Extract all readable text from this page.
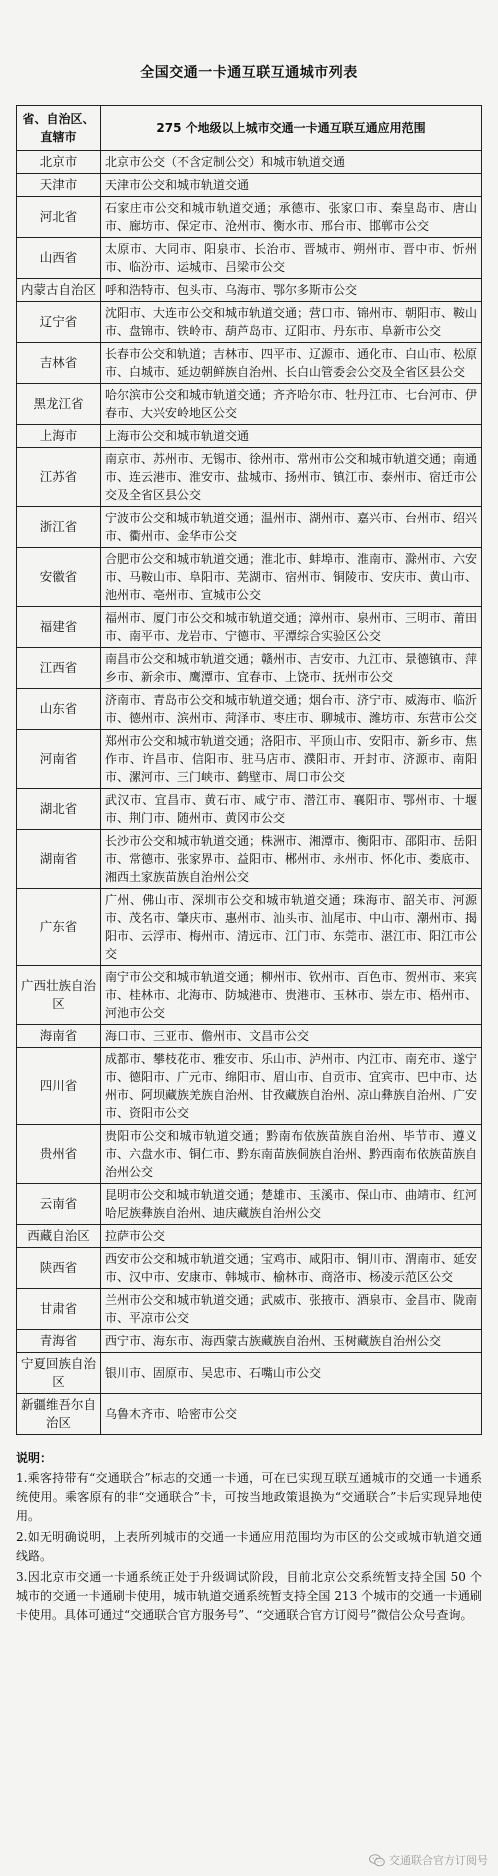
全国交通一卡通互联互通城市列表
省、自治区、直辖市	275 个地级以上城市交通一卡通互联互通应用范围
北京市	北京市公交（不含定制公交）和城市轨道交通
天津市	天津市公交和城市轨道交通
河北省	石家庄市公交和城市轨道交通；承德市、张家口市、秦皇岛市、唐山市、廊坊市、保定市、沧州市、衡水市、邢台市、邯郸市公交
山西省	太原市、大同市、阳泉市、长治市、晋城市、朔州市、晋中市、忻州市、临汾市、运城市、吕梁市公交
内蒙古自治区	呼和浩特市、包头市、乌海市、鄂尔多斯市公交
辽宁省	沈阳市、大连市公交和城市轨道交通；营口市、锦州市、朝阳市、鞍山市、盘锦市、铁岭市、葫芦岛市、辽阳市、丹东市、阜新市公交
吉林省	长春市公交和轨道；吉林市、四平市、辽源市、通化市、白山市、松原市、白城市、延边朝鲜族自治州、长白山管委会公交及全省区县公交
黑龙江省	哈尔滨市公交和城市轨道交通；齐齐哈尔市、牡丹江市、七台河市、伊春市、大兴安岭地区公交
上海市	上海市公交和城市轨道交通
江苏省	南京市、苏州市、无锡市、徐州市、常州市公交和城市轨道交通；南通市、连云港市、淮安市、盐城市、扬州市、镇江市、泰州市、宿迁市公交及全省区县公交
浙江省	宁波市公交和城市轨道交通；温州市、湖州市、嘉兴市、台州市、绍兴市、衢州市、金华市公交
安徽省	合肥市公交和城市轨道交通；淮北市、蚌埠市、淮南市、滁州市、六安市、马鞍山市、阜阳市、芜湖市、宿州市、铜陵市、安庆市、黄山市、池州市、亳州市、宣城市公交
福建省	福州市、厦门市公交和城市轨道交通；漳州市、泉州市、三明市、莆田市、南平市、龙岩市、宁德市、平潭综合实验区公交
江西省	南昌市公交和城市轨道交通；赣州市、吉安市、九江市、景德镇市、萍乡市、新余市、鹰潭市、宜春市、上饶市、抚州市公交
山东省	济南市、青岛市公交和城市轨道交通；烟台市、济宁市、威海市、临沂市、德州市、滨州市、菏泽市、枣庄市、聊城市、潍坊市、东营市公交
河南省	郑州市公交和城市轨道交通；洛阳市、平顶山市、安阳市、新乡市、焦作市、许昌市、信阳市、驻马店市、濮阳市、开封市、济源市、南阳市、漯河市、三门峡市、鹤壁市、周口市公交
湖北省	武汉市、宜昌市、黄石市、咸宁市、潜江市、襄阳市、鄂州市、十堰市、荆门市、随州市、黄冈市公交
湖南省	长沙市公交和城市轨道交通；株洲市、湘潭市、衡阳市、邵阳市、岳阳市、常德市、张家界市、益阳市、郴州市、永州市、怀化市、娄底市、湘西土家族苗族自治州公交
广东省	广州、佛山市、深圳市公交和城市轨道交通；珠海市、韶关市、河源市、茂名市、肇庆市、惠州市、汕头市、汕尾市、中山市、潮州市、揭阳市、云浮市、梅州市、清远市、江门市、东莞市、湛江市、阳江市公交
广西壮族自治区	南宁市公交和城市轨道交通；柳州市、钦州市、百色市、贺州市、来宾市、桂林市、北海市、防城港市、贵港市、玉林市、崇左市、梧州市、河池市公交
海南省	海口市、三亚市、儋州市、文昌市公交
四川省	成都市、攀枝花市、雅安市、乐山市、泸州市、内江市、南充市、遂宁市、德阳市、广元市、绵阳市、眉山市、自贡市、宜宾市、巴中市、达州市、阿坝藏族羌族自治州、甘孜藏族自治州、凉山彝族自治州、广安市、资阳市公交
贵州省	贵阳市公交和城市轨道交通；黔南布依族苗族自治州、毕节市、遵义市、六盘水市、铜仁市、黔东南苗族侗族自治州、黔西南布依族苗族自治州公交
云南省	昆明市公交和城市轨道交通；楚雄市、玉溪市、保山市、曲靖市、红河哈尼族彝族自治州、迪庆藏族自治州公交
西藏自治区	拉萨市公交
陕西省	西安市公交和城市轨道交通；宝鸡市、咸阳市、铜川市、渭南市、延安市、汉中市、安康市、韩城市、榆林市、商洛市、杨凌示范区公交
甘肃省	兰州市公交和城市轨道交通；武威市、张掖市、酒泉市、金昌市、陇南市、平凉市公交
青海省	西宁市、海东市、海西蒙古族藏族自治州、玉树藏族自治州公交
宁夏回族自治区	银川市、固原市、吴忠市、石嘴山市公交
新疆维吾尔自治区	乌鲁木齐市、哈密市公交
说明：

1.乘客持带有“交通联合”标志的交通一卡通，可在已实现互联互通城市的交通一卡通系统使用。乘客原有的非“交通联合”卡，可按当地政策退换为“交通联合”卡后实现异地使用。

2.如无明确说明，上表所列城市的交通一卡通应用范围均为市区的公交或城市轨道交通线路。

3.因北京市交通一卡通系统正处于升级调试阶段，目前北京公交系统暂支持全国 50 个城市的交通一卡通刷卡使用，城市轨道交通系统暂支持全国 213 个城市的交通一卡通刷卡使用。具体可通过“交通联合官方服务号”、“交通联合官方订阅号”微信公众号查询。

交通联合官方订阅号
